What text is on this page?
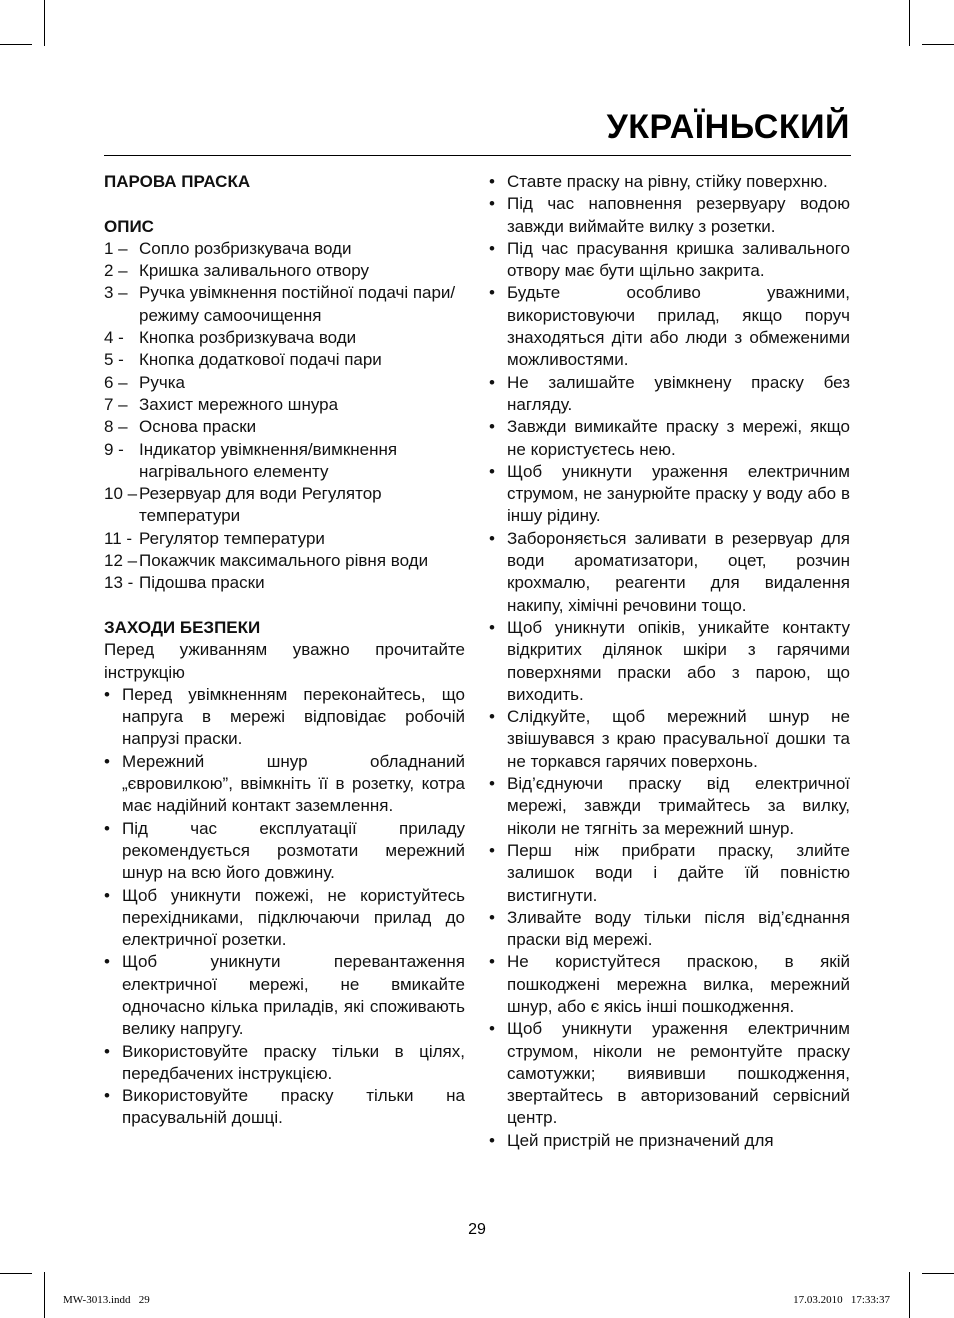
УКРАЇНЬСКИЙ

ПАРОВА ПРАСКА

ОПИС

1 – Сопло розбризкувача води
2 – Кришка заливального отвору
3 – Ручка увімкнення постійної подачі пари/режиму самоочищення
4 - Кнопка розбризкувача води
5 - Кнопка додаткової подачі пари
6 – Ручка
7 – Захист мережного шнура
8 – Основа праски
9 - Індикатор увімкнення/вимкнення нагрівального елементу
10 – Резервуар для води Регулятор температури
11 - Регулятор температури
12 – Покажчик максимального рівня води
13 - Підошва праски

ЗАХОДИ БЕЗПЕКИ

Перед уживанням уважно прочитайте інструкцію
• Перед увімкненням переконайтесь, що напруга в мережі відповідає робочій напрузі праски.
• Мережний шнур обладнаний „євровилкою”, ввімкніть її в розетку, котра має надійний контакт заземлення.
• Під час експлуатації приладу рекомендується розмотати мережний шнур на всю його довжину.
• Щоб уникнути пожежі, не користуйтесь перехідниками, підключаючи прилад до електричної розетки.
• Щоб уникнути перевантаження електричної мережі, не вмикайте одночасно кілька приладів, які споживають велику напругу.
• Використовуйте праску тільки в цілях, передбачених інструкцією.
• Використовуйте праску тільки на прасувальній дошці.
• Ставте праску на рівну, стійку поверхню.
• Під час наповнення резервуару водою завжди виймайте вилку з розетки.
• Під час прасування кришка заливального отвору має бути щільно закрита.
• Будьте особливо уважними, використовуючи прилад, якщо поруч знаходяться діти або люди з обмеженими можливостями.
• Не залишайте увімкнену праску без нагляду.
• Завжди вимикайте праску з мережі, якщо не користуєтесь нею.
• Щоб уникнути ураження електричним струмом, не занурюйте праску у воду або в іншу рідину.
• Забороняється заливати в резервуар для води ароматизатори, оцет, розчин крохмалю, реагенти для видалення накипу, хімічні речовини тощо.
• Щоб уникнути опіків, уникайте контакту відкритих ділянок шкіри з гарячими поверхнями праски або з парою, що виходить.
• Слідкуйте, щоб мережний шнур не звішувався з краю прасувальної дошки та не торкався гарячих поверхонь.
• Від’єднуючи праску від електричної мережі, завжди тримайтесь за вилку, ніколи не тягніть за мережний шнур.
• Перш ніж прибрати праску, злийте залишок води і дайте їй повністю вистигнути.
• Зливайте воду тільки після від’єднання праски від мережі.
• Не користуйтеся праскою, в якій пошкоджені мережна вилка, мережний шнур, або є якісь інші пошкодження.
• Щоб уникнути ураження електричним струмом, ніколи не ремонтуйте праску самотужки; виявивши пошкодження, звертайтесь в авторизований сервісний центр.
• Цей пристрій не призначений для
29
MW-3013.indd   29	17.03.2010   17:33:37
